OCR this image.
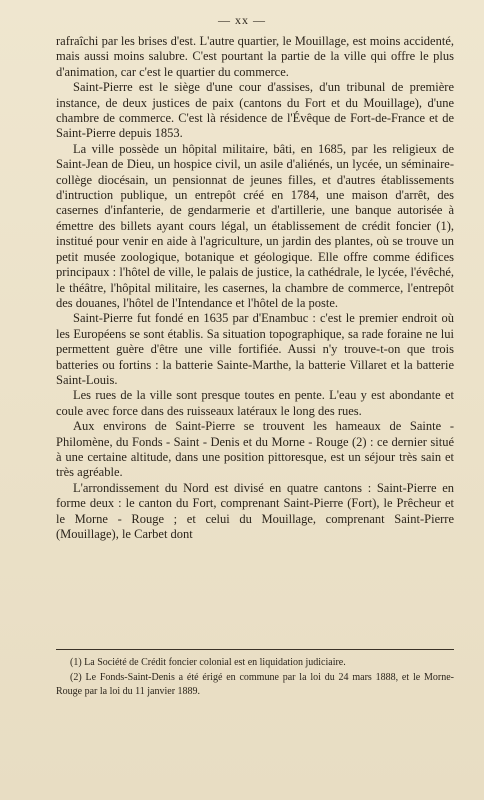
— xx —

rafraîchi par les brises d'est. L'autre quartier, le Mouillage, est moins accidenté, mais aussi moins salubre. C'est pourtant la partie de la ville qui offre le plus d'animation, car c'est le quartier du commerce.

Saint-Pierre est le siège d'une cour d'assises, d'un tribunal de première instance, de deux justices de paix (cantons du Fort et du Mouillage), d'une chambre de commerce. C'est là résidence de l'Évêque de Fort-de-France et de Saint-Pierre depuis 1853.

La ville possède un hôpital militaire, bâti, en 1685, par les religieux de Saint-Jean de Dieu, un hospice civil, un asile d'aliénés, un lycée, un séminaire-collège diocésain, un pensionnat de jeunes filles, et d'autres établissements d'intruction publique, un entrepôt créé en 1784, une maison d'arrêt, des casernes d'infanterie, de gendarmerie et d'artillerie, une banque autorisée à émettre des billets ayant cours légal, un établissement de crédit foncier (1), institué pour venir en aide à l'agriculture, un jardin des plantes, où se trouve un petit musée zoologique, botanique et géologique. Elle offre comme édifices principaux : l'hôtel de ville, le palais de justice, la cathédrale, le lycée, l'évêché, le théâtre, l'hôpital militaire, les casernes, la chambre de commerce, l'entrepôt des douanes, l'hôtel de l'Intendance et l'hôtel de la poste.

Saint-Pierre fut fondé en 1635 par d'Enambuc : c'est le premier endroit où les Européens se sont établis. Sa situation topographique, sa rade foraine ne lui permettent guère d'être une ville fortifiée. Aussi n'y trouve-t-on que trois batteries ou fortins : la batterie Sainte-Marthe, la batterie Villaret et la batterie Saint-Louis.

Les rues de la ville sont presque toutes en pente. L'eau y est abondante et coule avec force dans des ruisseaux latéraux le long des rues.

Aux environs de Saint-Pierre se trouvent les hameaux de Sainte - Philomène, du Fonds - Saint - Denis et du Morne - Rouge (2) : ce dernier situé à une certaine altitude, dans une position pittoresque, est un séjour très sain et très agréable.

L'arrondissement du Nord est divisé en quatre cantons : Saint-Pierre en forme deux : le canton du Fort, comprenant Saint-Pierre (Fort), le Prêcheur et le Morne - Rouge ; et celui du Mouillage, comprenant Saint-Pierre (Mouillage), le Carbet dont

(1) La Société de Crédit foncier colonial est en liquidation judiciaire.

(2) Le Fonds-Saint-Denis a été érigé en commune par la loi du 24 mars 1888, et le Morne-Rouge par la loi du 11 janvier 1889.
